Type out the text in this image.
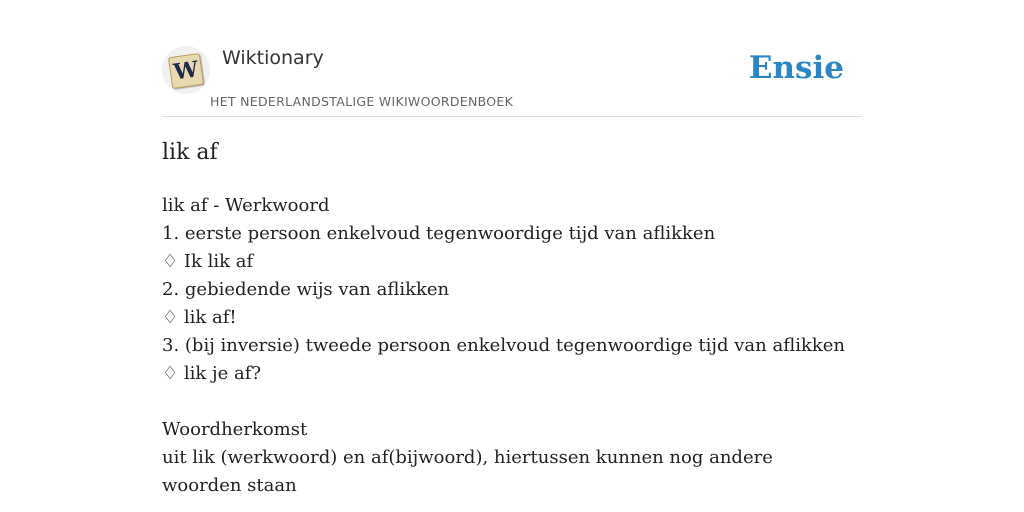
W Wiktionary
HET NEDERLANDSTALIGE WIKIWOORDENBOEK
Ensie
lik af
lik af - Werkwoord
1. eerste persoon enkelvoud tegenwoordige tijd van aflikken
♢ Ik lik af
2. gebiedende wijs van aflikken
♢ lik af!
3. (bij inversie) tweede persoon enkelvoud tegenwoordige tijd van aflikken
♢ lik je af?
Woordherkomst
uit lik (werkwoord) en af(bijwoord), hiertussen kunnen nog andere woorden staan
